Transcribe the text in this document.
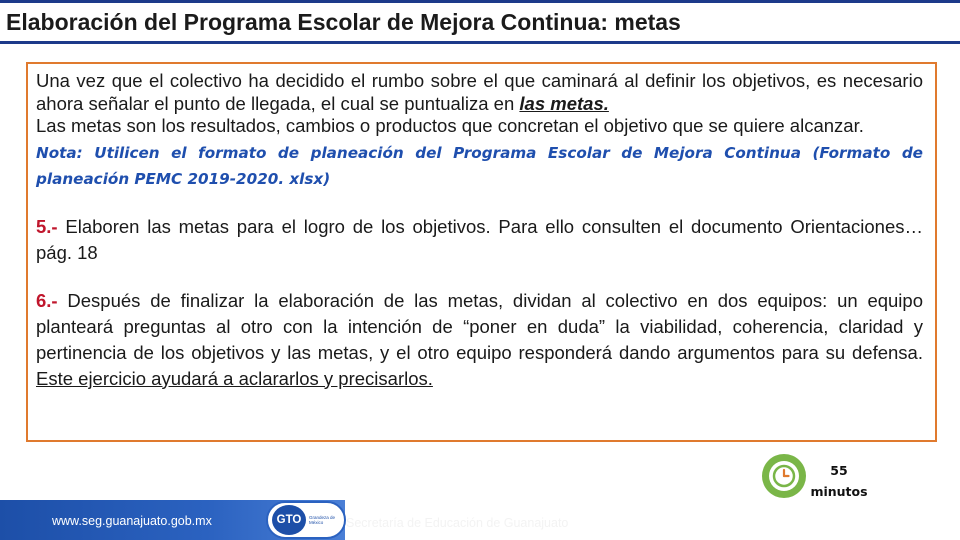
Elaboración del Programa Escolar de Mejora Continua: metas

Una vez que el colectivo ha decidido el rumbo sobre el que caminará al definir los objetivos, es necesario ahora señalar el punto de llegada, el cual se puntualiza en las metas.
Las metas son los resultados, cambios o productos que concretan el objetivo que se quiere alcanzar.

Nota: Utilicen el formato de planeación del Programa Escolar de Mejora Continua (Formato de planeación PEMC 2019-2020. xlsx)

5.- Elaboren las metas para el logro de los objetivos. Para ello consulten el documento Orientaciones… pág. 18

6.- Después de finalizar la elaboración de las metas, dividan al colectivo en dos equipos: un equipo planteará preguntas al otro con la intención de “poner en duda” la viabilidad, coherencia, claridad y pertinencia de los objetivos y las metas, y el otro equipo responderá dando argumentos para su defensa. Este ejercicio ayudará a aclararlos y precisarlos.

55
minutos
www.seg.guanajuato.gob.mx	GTO	Grandeza de México	Secretaría de Educación de Guanajuato
